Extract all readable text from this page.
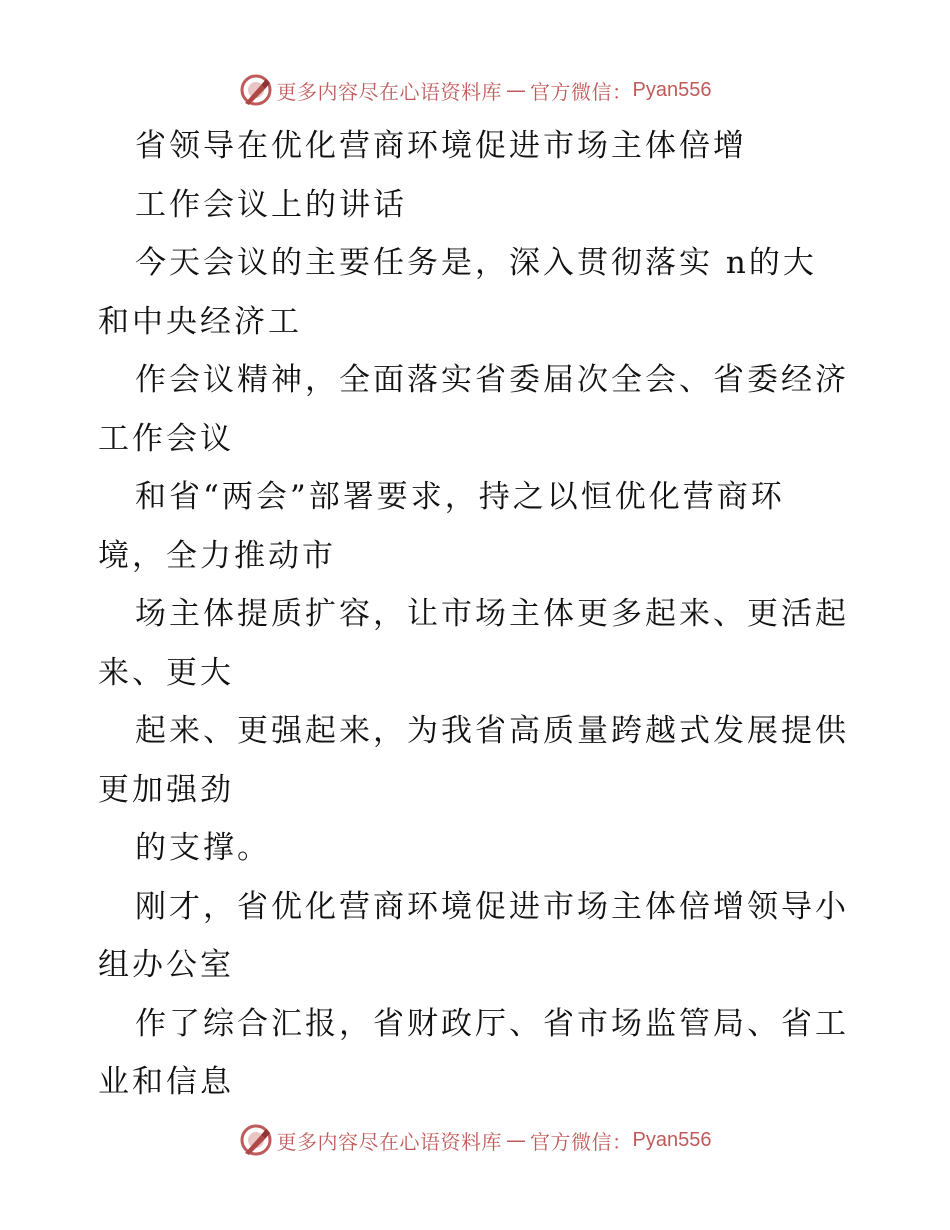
更多内容尽在心语资料库 — 官方微信： Pyan556
省领导在优化营商环境促进市场主体倍增
工作会议上的讲话
今天会议的主要任务是，深入贯彻落实 n的大
和中央经济工
作会议精神，全面落实省委届次全会、省委经济
工作会议
和省“两会”部署要求，持之以恒优化营商环
境，全力推动市
场主体提质扩容，让市场主体更多起来、更活起
来、更大
起来、更强起来，为我省高质量跨越式发展提供
更加强劲
的支撑。
刚才，省优化营商环境促进市场主体倍增领导小
组办公室
作了综合汇报，省财政厅、省市场监管局、省工
业和信息
更多内容尽在心语资料库 — 官方微信： Pyan556
